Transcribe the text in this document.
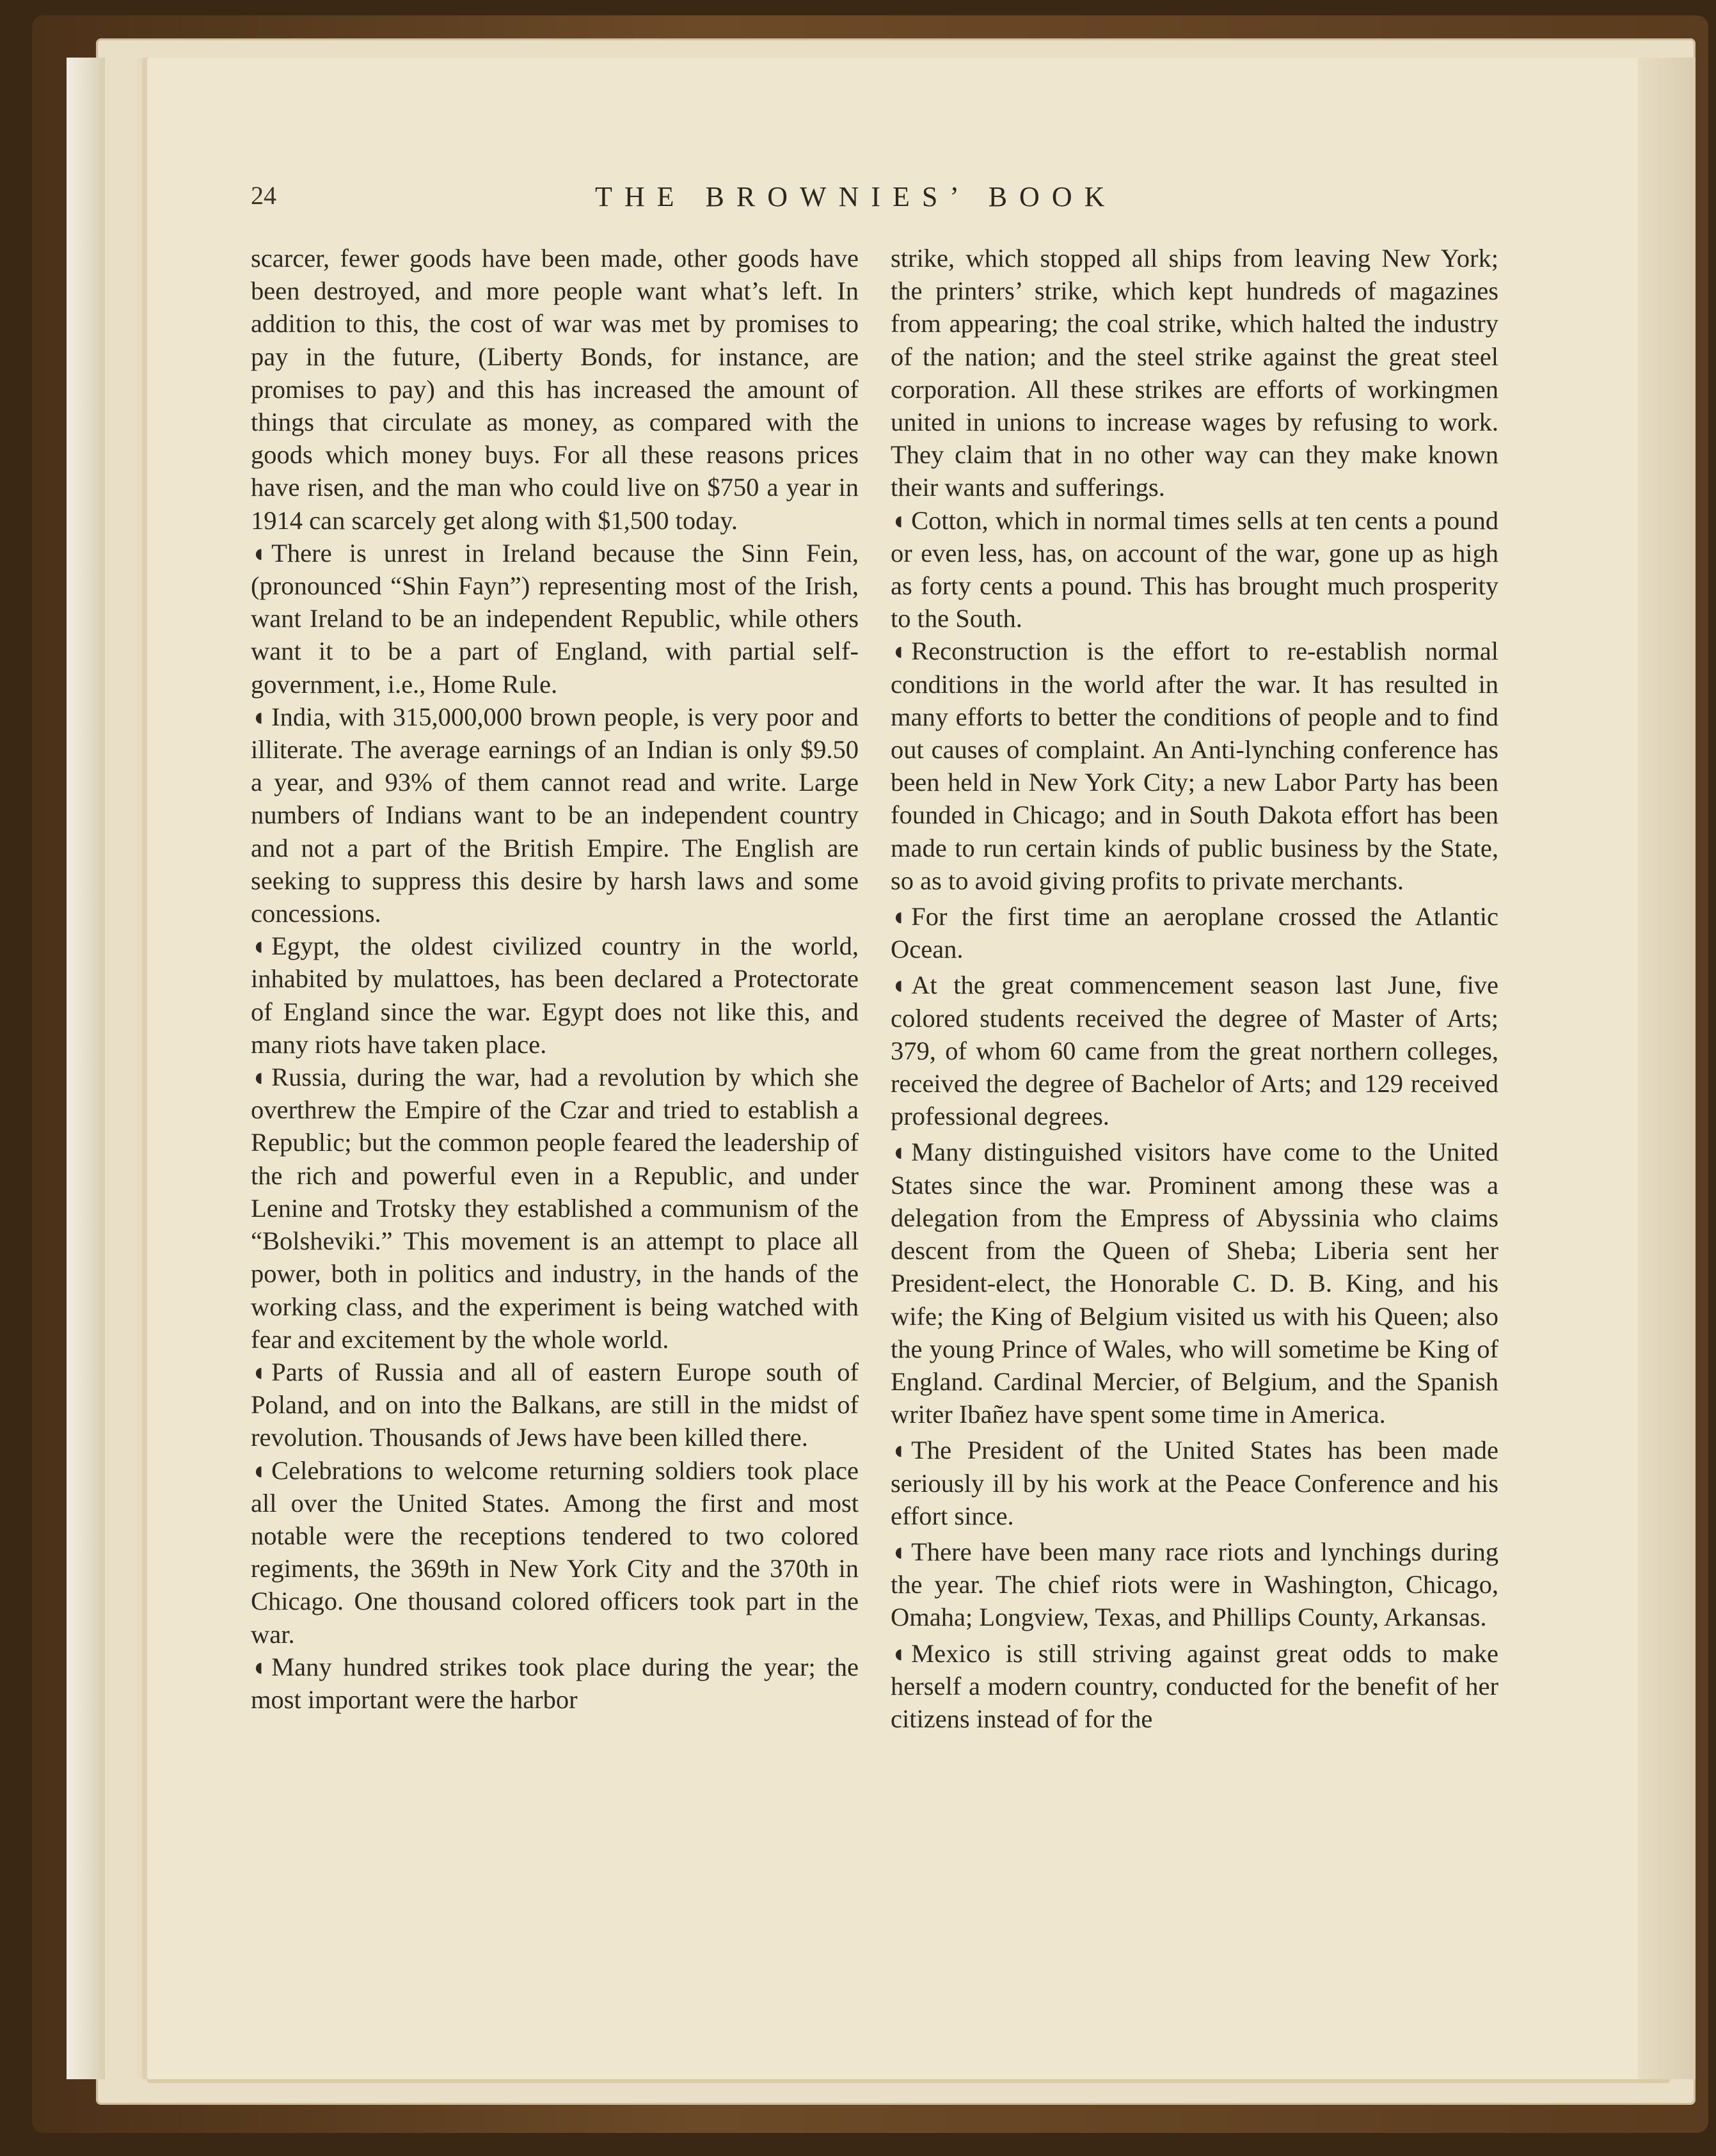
24	THE BROWNIES’ BOOK

scarcer, fewer goods have been made, other goods have been destroyed, and more people want what’s left. In addition to this, the cost of war was met by promises to pay in the future, (Liberty Bonds, for instance, are promises to pay) and this has increased the amount of things that circulate as money, as compared with the goods which money buys. For all these reasons prices have risen, and the man who could live on $750 a year in 1914 can scarcely get along with $1,500 today.

◖ There is unrest in Ireland because the Sinn Fein, (pronounced “Shin Fayn”) representing most of the Irish, want Ireland to be an independent Republic, while others want it to be a part of England, with partial self-government, i.e., Home Rule.

◖ India, with 315,000,000 brown people, is very poor and illiterate. The average earnings of an Indian is only $9.50 a year, and 93% of them cannot read and write. Large numbers of Indians want to be an independent country and not a part of the British Empire. The English are seeking to suppress this desire by harsh laws and some concessions.

◖ Egypt, the oldest civilized country in the world, inhabited by mulattoes, has been declared a Protectorate of England since the war. Egypt does not like this, and many riots have taken place.

◖ Russia, during the war, had a revolution by which she overthrew the Empire of the Czar and tried to establish a Republic; but the common people feared the leadership of the rich and powerful even in a Republic, and under Lenine and Trotsky they established a communism of the “Bolsheviki.” This movement is an attempt to place all power, both in politics and industry, in the hands of the working class, and the experiment is being watched with fear and excitement by the whole world.

◖ Parts of Russia and all of eastern Europe south of Poland, and on into the Balkans, are still in the midst of revolution. Thousands of Jews have been killed there.

◖ Celebrations to welcome returning soldiers took place all over the United States. Among the first and most notable were the receptions tendered to two colored regiments, the 369th in New York City and the 370th in Chicago. One thousand colored officers took part in the war.

◖ Many hundred strikes took place during the year; the most important were the harbor

strike, which stopped all ships from leaving New York; the printers’ strike, which kept hundreds of magazines from appearing; the coal strike, which halted the industry of the nation; and the steel strike against the great steel corporation. All these strikes are efforts of workingmen united in unions to increase wages by refusing to work. They claim that in no other way can they make known their wants and sufferings.

◖ Cotton, which in normal times sells at ten cents a pound or even less, has, on account of the war, gone up as high as forty cents a pound. This has brought much prosperity to the South.

◖ Reconstruction is the effort to re-establish normal conditions in the world after the war. It has resulted in many efforts to better the conditions of people and to find out causes of complaint. An Anti-lynching conference has been held in New York City; a new Labor Party has been founded in Chicago; and in South Dakota effort has been made to run certain kinds of public business by the State, so as to avoid giving profits to private merchants.

◖ For the first time an aeroplane crossed the Atlantic Ocean.

◖ At the great commencement season last June, five colored students received the degree of Master of Arts; 379, of whom 60 came from the great northern colleges, received the degree of Bachelor of Arts; and 129 received professional degrees.

◖ Many distinguished visitors have come to the United States since the war. Prominent among these was a delegation from the Empress of Abyssinia who claims descent from the Queen of Sheba; Liberia sent her President-elect, the Honorable C. D. B. King, and his wife; the King of Belgium visited us with his Queen; also the young Prince of Wales, who will sometime be King of England. Cardinal Mercier, of Belgium, and the Spanish writer Ibañez have spent some time in America.

◖ The President of the United States has been made seriously ill by his work at the Peace Conference and his effort since.

◖ There have been many race riots and lynchings during the year. The chief riots were in Washington, Chicago, Omaha; Longview, Texas, and Phillips County, Arkansas.

◖ Mexico is still striving against great odds to make herself a modern country, conducted for the benefit of her citizens instead of for the
